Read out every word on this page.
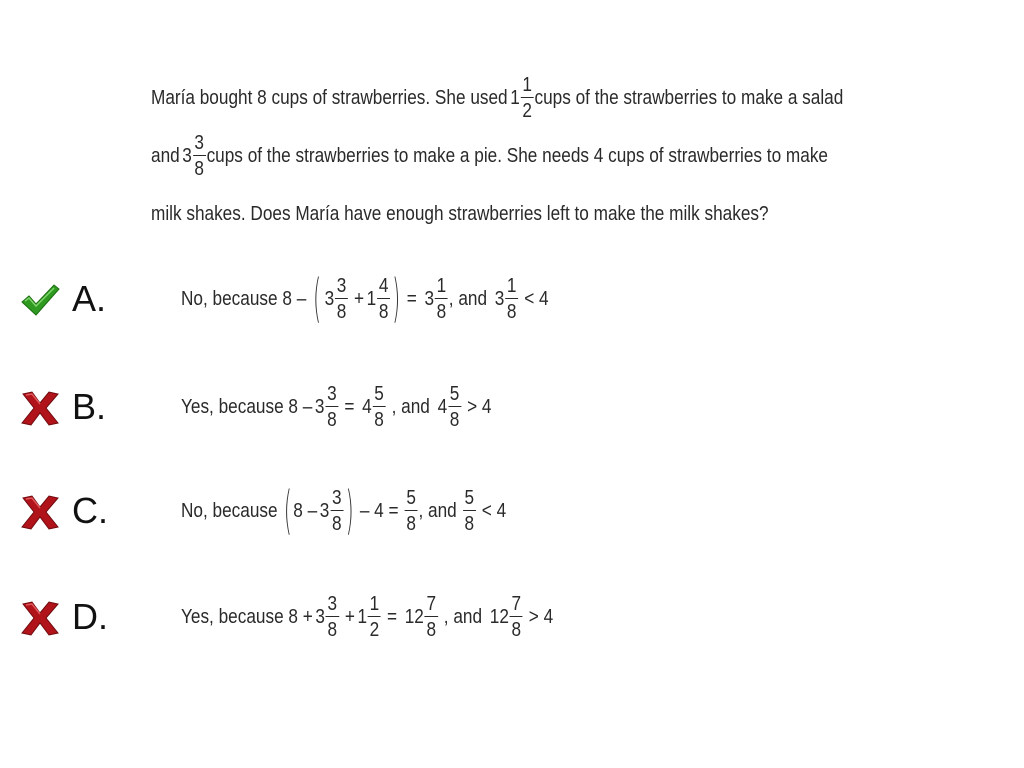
María bought 8 cups of strawberries. She used $1 \frac{1}{2}$ cups of the strawberries to make a salad
and $3 \frac{3}{8}$ cups of the strawberries to make a pie. She needs 4 cups of strawberries to make
milk shakes. Does María have enough strawberries left to make the milk shakes?
A.	No, because 8 – ( $3 \frac{3}{8} + 1 \frac{4}{8}$ ) = $3 \frac{1}{8}$ , and $3 \frac{1}{8} < 4$
B.	Yes, because $8 - 3 \frac{3}{8} = 4 \frac{5}{8}$ , and $4 \frac{5}{8} > 4$
C.	No, because ( $8 - 3 \frac{3}{8}$ ) – $4 = \frac{5}{8}$ , and $\frac{5}{8} < 4$
D.	Yes, because $8 + 3 \frac{3}{8} + 1 \frac{1}{2} = 12 \frac{7}{8}$ , and $12 \frac{7}{8} > 4$
